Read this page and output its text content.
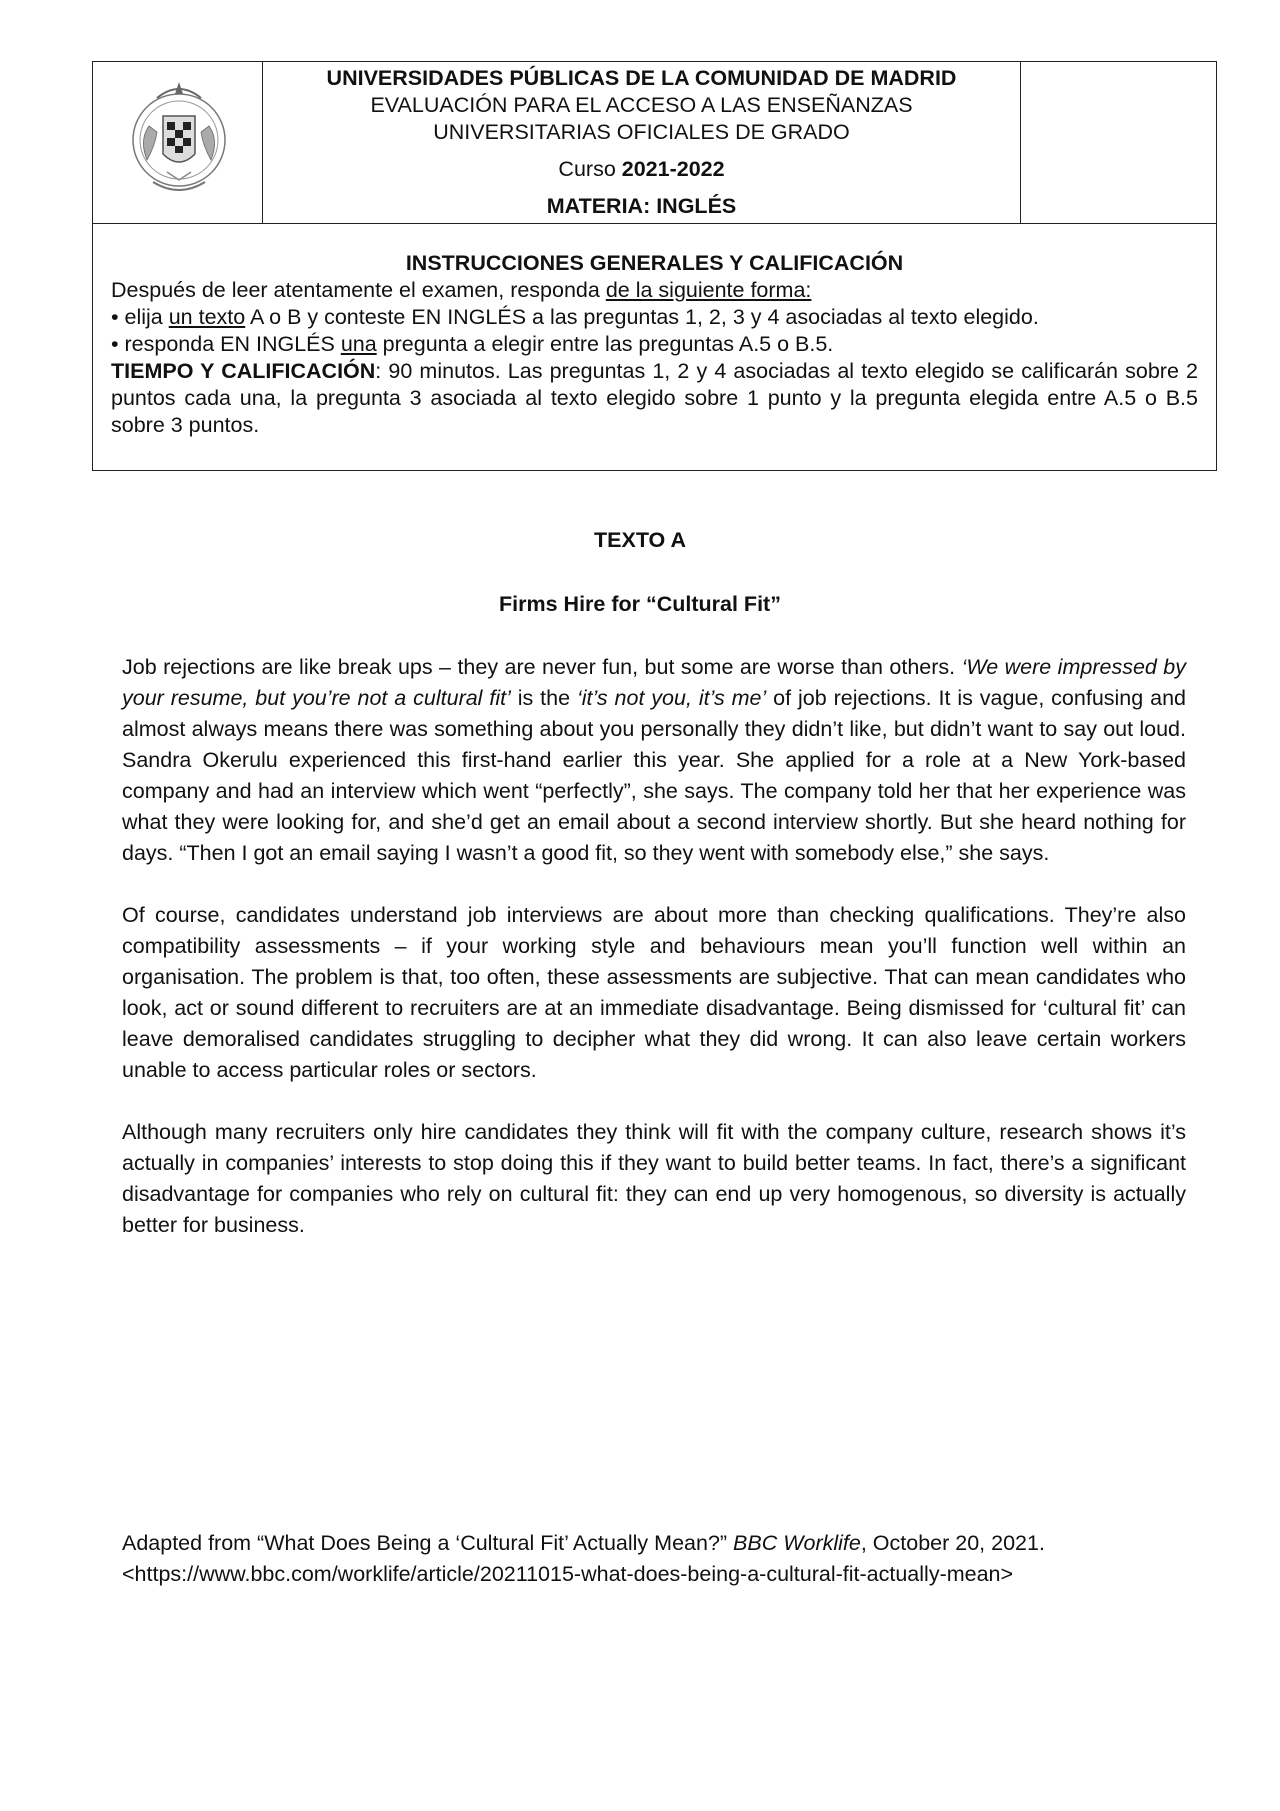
UNIVERSIDADES PÚBLICAS DE LA COMUNIDAD DE MADRID
EVALUACIÓN PARA EL ACCESO A LAS ENSEÑANZAS
UNIVERSITARIAS OFICIALES DE GRADO
Curso 2021-2022
MATERIA: INGLÉS
INSTRUCCIONES GENERALES Y CALIFICACIÓN
Después de leer atentamente el examen, responda de la siguiente forma:
• elija un texto A o B y conteste EN INGLÉS a las preguntas 1, 2, 3 y 4 asociadas al texto elegido.
• responda EN INGLÉS una pregunta a elegir entre las preguntas A.5 o B.5.
TIEMPO Y CALIFICACIÓN: 90 minutos. Las preguntas 1, 2 y 4 asociadas al texto elegido se calificarán sobre 2 puntos cada una, la pregunta 3 asociada al texto elegido sobre 1 punto y la pregunta elegida entre A.5 o B.5 sobre 3 puntos.
TEXTO A
Firms Hire for “Cultural Fit”

Job rejections are like break ups – they are never fun, but some are worse than others. ‘We were impressed by your resume, but you’re not a cultural fit’ is the ‘it’s not you, it’s me’ of job rejections. It is vague, confusing and almost always means there was something about you personally they didn’t like, but didn’t want to say out loud. Sandra Okerulu experienced this first-hand earlier this year. She applied for a role at a New York-based company and had an interview which went “perfectly”, she says. The company told her that her experience was what they were looking for, and she’d get an email about a second interview shortly. But she heard nothing for days. “Then I got an email saying I wasn’t a good fit, so they went with somebody else,” she says.

Of course, candidates understand job interviews are about more than checking qualifications. They’re also compatibility assessments – if your working style and behaviours mean you’ll function well within an organisation. The problem is that, too often, these assessments are subjective. That can mean candidates who look, act or sound different to recruiters are at an immediate disadvantage. Being dismissed for ‘cultural fit’ can leave demoralised candidates struggling to decipher what they did wrong. It can also leave certain workers unable to access particular roles or sectors.

Although many recruiters only hire candidates they think will fit with the company culture, research shows it’s actually in companies’ interests to stop doing this if they want to build better teams. In fact, there’s a significant disadvantage for companies who rely on cultural fit: they can end up very homogenous, so diversity is actually better for business.

Adapted from “What Does Being a ‘Cultural Fit’ Actually Mean?” BBC Worklife, October 20, 2021.
<https://www.bbc.com/worklife/article/20211015-what-does-being-a-cultural-fit-actually-mean>
